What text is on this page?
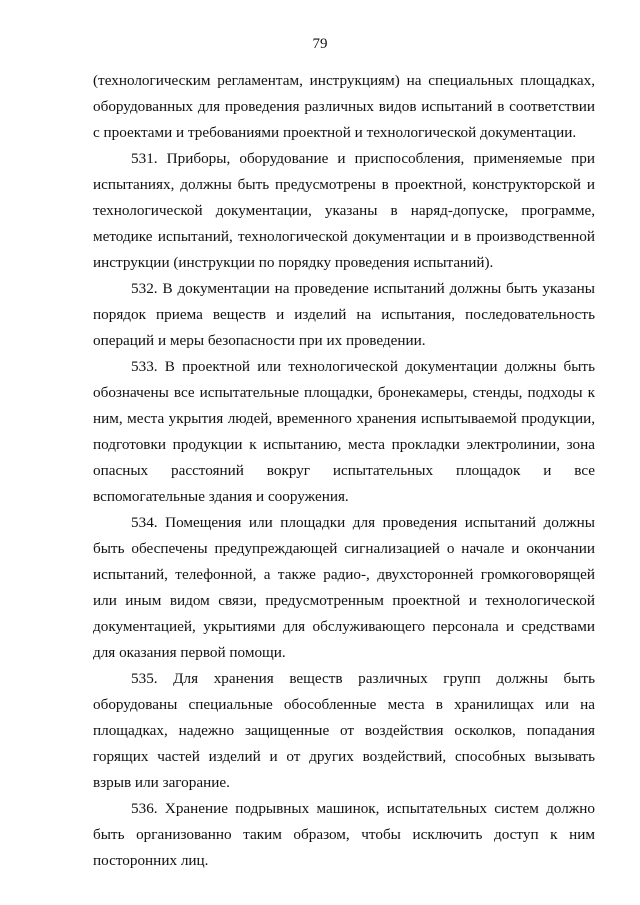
79

(технологическим регламентам, инструкциям) на специальных площадках, оборудованных для проведения различных видов испытаний в соответствии с проектами и требованиями проектной и технологической документации.

531. Приборы, оборудование и приспособления, применяемые при испытаниях, должны быть предусмотрены в проектной, конструкторской и технологической документации, указаны в наряд-допуске, программе, методике испытаний, технологической документации и в производственной инструкции (инструкции по порядку проведения испытаний).

532. В документации на проведение испытаний должны быть указаны порядок приема веществ и изделий на испытания, последовательность операций и меры безопасности при их проведении.

533. В проектной или технологической документации должны быть обозначены все испытательные площадки, бронекамеры, стенды, подходы к ним, места укрытия людей, временного хранения испытываемой продукции, подготовки продукции к испытанию, места прокладки электролинии, зона опасных расстояний вокруг испытательных площадок и все вспомогательные здания и сооружения.

534. Помещения или площадки для проведения испытаний должны быть обеспечены предупреждающей сигнализацией о начале и окончании испытаний, телефонной, а также радио-, двухсторонней громкоговорящей или иным видом связи, предусмотренным проектной и технологической документацией, укрытиями для обслуживающего персонала и средствами для оказания первой помощи.

535. Для хранения веществ различных групп должны быть оборудованы специальные обособленные места в хранилищах или на площадках, надежно защищенные от воздействия осколков, попадания горящих частей изделий и от других воздействий, способных вызывать взрыв или загорание.

536. Хранение подрывных машинок, испытательных систем должно быть организованно таким образом, чтобы исключить доступ к ним посторонних лиц.
